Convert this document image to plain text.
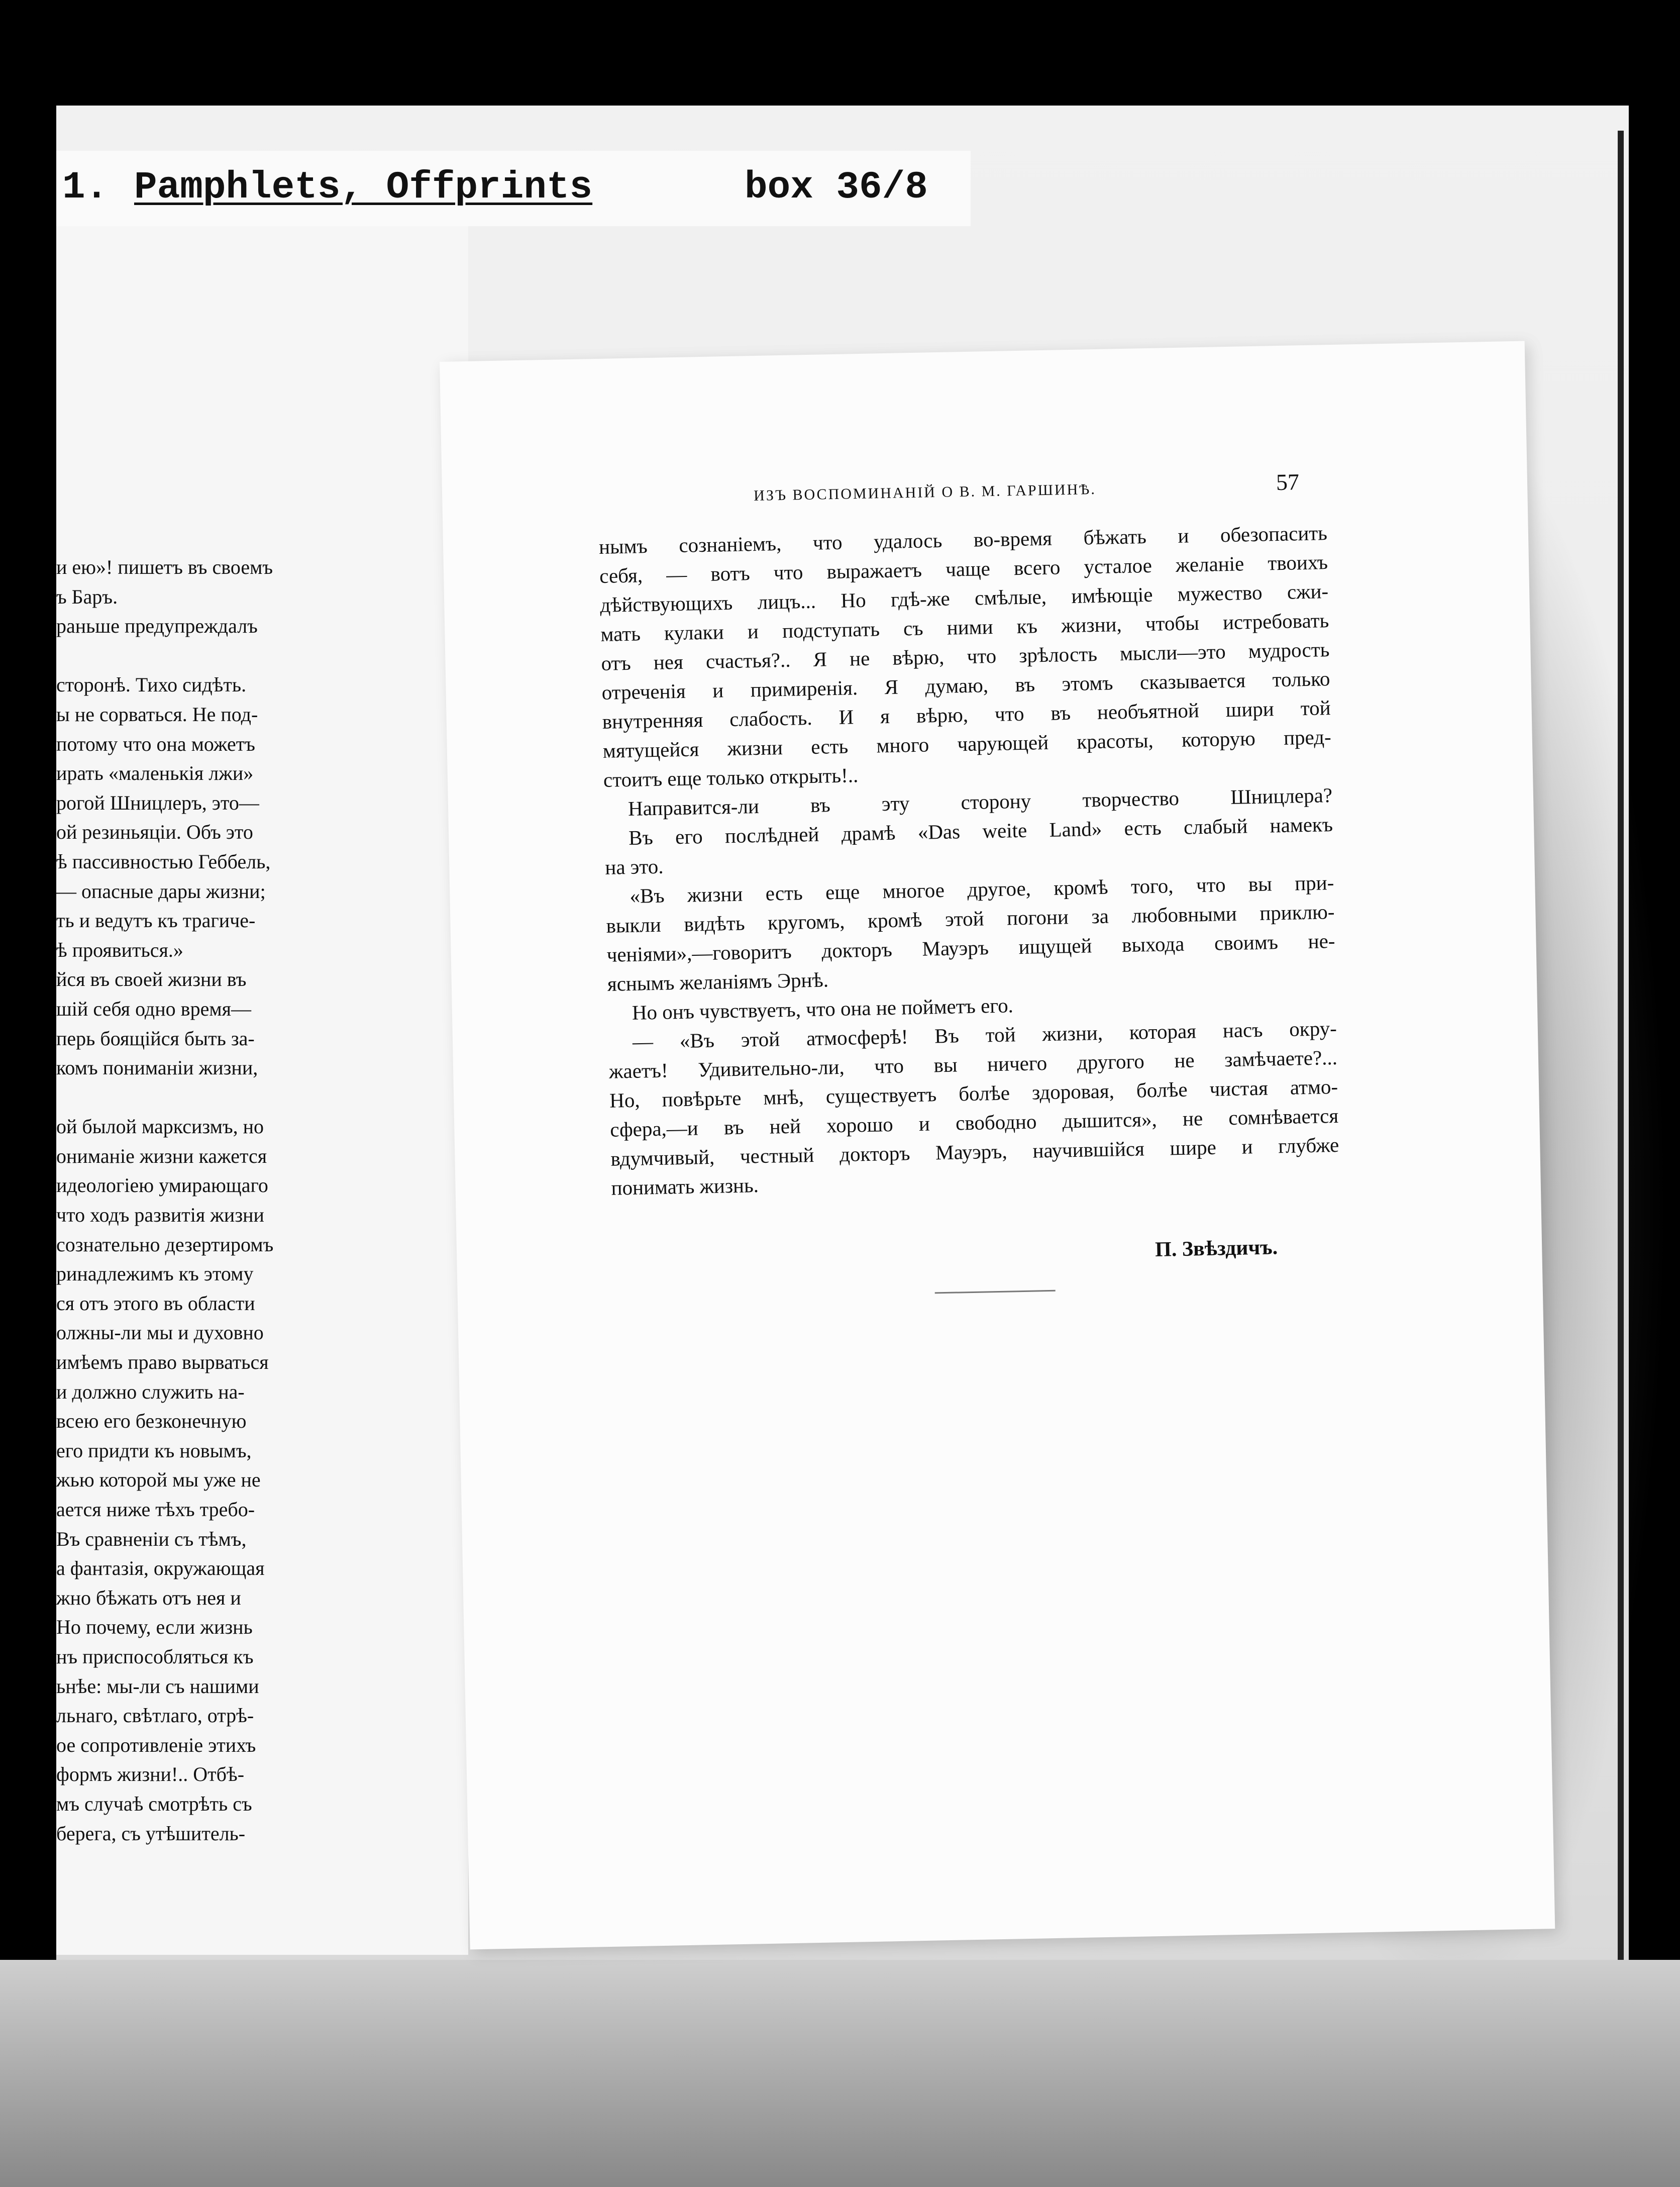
1. Pamphlets, Offprints	box 36/8
и ею»! пишетъ въ своемъ
ъ Баръ.
раньше предупреждалъ

сторонѣ. Тихо сидѣть.
ы не сорваться. Не под-
потому что она можетъ
ирать «маленькія лжи»
рогой Шницлеръ, это—
ой резиньяціи. Объ это
ѣ пассивностью Геббель,
— опасные дары жизни;
ть и ведутъ къ трагиче-
ѣ проявиться.»
йся въ своей жизни въ
шій себя одно время—
перь боящійся быть за-
комъ пониманіи жизни,

ой былой марксизмъ, но
ониманіе жизни кажется
идеологіею умирающаго
что ходъ развитія жизни
сознательно дезертиромъ
ринадлежимъ къ этому
ся отъ этого въ области
олжны-ли мы и духовно
имѣемъ право вырваться
и должно служить на-
всею его безконечную
его придти къ новымъ,
жью которой мы уже не
ается ниже тѣхъ требо-
Въ сравненіи съ тѣмъ,
а фантазія, окружающая
жно бѣжать отъ нея и
Но почему, если жизнь
нъ приспособляться къ
ьнѣе: мы-ли съ нашими
льнаго, свѣтлаго, отрѣ-
ое сопротивленіе этихъ
формъ жизни!.. Отбѣ-
мъ случаѣ смотрѣть съ
берега, съ утѣшитель-
ИЗЪ ВОСПОМИНАНІЙ О В. М. ГАРШИНѢ.	57
нымъ сознаніемъ, что удалось во-время бѣжать и обезопасить
себя, — вотъ что выражаетъ чаще всего усталое желаніе твоихъ
дѣйствующихъ лицъ... Но гдѣ-же смѣлые, имѣющіе мужество сжи-
мать кулаки и подступать съ ними къ жизни, чтобы истребовать
отъ нея счастья?.. Я не вѣрю, что зрѣлость мысли—это мудрость
отреченія и примиренія. Я думаю, въ этомъ сказывается только
внутренняя слабость. И я вѣрю, что въ необъятной шири той
мятущейся жизни есть много чарующей красоты, которую пред-
стоитъ еще только открыть!..
Направится-ли въ эту сторону творчество Шницлера?
Въ его послѣдней драмѣ «Das weite Land» есть слабый намекъ
на это.
«Въ жизни есть еще многое другое, кромѣ того, что вы при-
выкли видѣть кругомъ, кромѣ этой погони за любовными приклю-
ченіями»,—говоритъ докторъ Мауэръ ищущей выхода своимъ не-
яснымъ желаніямъ Эрнѣ.
Но онъ чувствуетъ, что она не пойметъ его.
— «Въ этой атмосферѣ! Въ той жизни, которая насъ окру-
жаетъ! Удивительно-ли, что вы ничего другого не замѣчаете?...
Но, повѣрьте мнѣ, существуетъ болѣе здоровая, болѣе чистая атмо-
сфера,—и въ ней хорошо и свободно дышится», не сомнѣвается
вдумчивый, честный докторъ Мауэръ, научившійся шире и глубже
понимать жизнь.
П. Звѣздичъ.
